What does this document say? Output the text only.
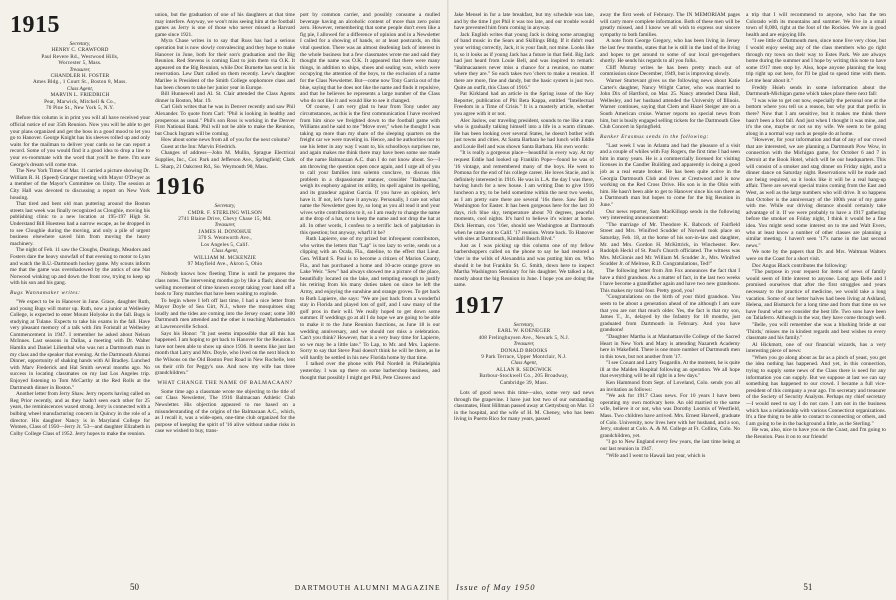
1915
Secretary,
HENRY C. CRAWFORD
Paul Revere Rd., Westwood Hills,
Worcester 5, Mass.
Treasurer,
CHANDLER H. FOSTER
Ames Bldg., 1 Court St., Boston 8, Mass.
Class Agent,
MARVIN L. FRIEDRICH
Peat, Marwick, Mitchell & Co.,
70 Pine St., New York 5, N.Y.

Before this column is in print you will all have received your official notice of our 35th Reunion. Now you will be able to get your plans organized and get the boss in a good mood to let you go to Hanover. George Knight has his sleeves rolled up and only waits for the mailman to deliver your cards so he can report a record. Some of you would find it a good idea to drop a line to your ex-roommate with the word that you'll be there. I'm sure George's dream will come true.

The New York Times of Mar. 11 carried a picture showing Dr. William R. H. (Speed) Granger meeting with Mayor O'Dwyer as a member of the Mayor's Committee on Unity. The session at City Hall was devoted to discussing a report on New York housing.

That tired and bent old man puttering around the Boston streets last week was finally recognized as Cloughie, moving his publishing clinic to a new location at 195-197 High St. Understand Bill Huestess had a narrow escape, as he dropped in to see Cloughie during the moving, and only a pile of urgent business elsewhere saved him from moving the heavy machinery.

The night of Feb. 11 saw the Cloughs, Dearings, Meadors and Fosters dare the heavy snowfall of that evening to motor to Lynn and watch the B.U.-Dartmouth hockey game. My scouts inform me that the game was overshadowed by the antics of one Nat Norwood winking up and down the front row, trying to keep up with his son and his gang.

Bugs Wannamaker writes:

"We expect to be in Hanover in June. Grace, daughter Ruth, and young Bugs will motor up. Ruth, now a junior at Wellesley College, is expected to enter Mount Holyoke in the fall. Bugs is studying at Tulane. Expects to take his exams in the fall. Have very pleasant memory of a talk with Jim Foristall at Wellesley Commencement in 1947. I remember he asked about Nelson McInnes. Last seasons in Dallas, a meeting with Dr. Walter Hamlin and Daniel Lilienthal who was not a Dartmouth man in my class and the speaker that evening. At the Dartmouth Alumni Dinner, opportunity of shaking hands with Al Bradley. Lunched with Marv Frederick and Hal Smith several months ago. No success in locating classmates on my last Los Angeles trip. Enjoyed listening to Tom McCarthy at the Red Rolls at the Dartmouth dinner in Boston."

Another letter from Jerry Shaw. Jerry reports having called on Reg Prior recently, and as they hadn't seen each other for 25 years, the reminiscences waxed strong. Jerry is connected with a bulbing wheel manufacturing concern in Quincy in the role of a director. His daughter Nancy is in Maryland College for Women, Class of 1950—Jerry Jr. '53—and daughter Elizabeth in Colby College Class of 1952. Jerry hopes to make the reunion.

union, but the graduation of one of his daughters at that time may interfere. Anyway, we won't miss seeing him at the football games as Jerry is one of those who never missed a Harvard game since 1921.

Myra Chase writes in to say that Russ has had a serious operation but is now slowly convalescing and they hope to make Hanover in June, both for their son's graduation and the Big Reunion. Red Stevens is coming East to join them via O.K. It appeared on the Big Reunion, while Doc Burnette has sent in his reservation. Lew Dart called on them recently. Lew's daughter Marilee is President of the Smith College sophomore class and has been chosen to take her junior year in Europe.

Bill Hunnewell and Al. St. Clair attended the Class Agents dinner in Boston, Mar. 19.

Carl Gish writes that he was in Denver recently and saw Phil Alexander. To quote from Carl: "Phil is looking in healthy and prosperous as usual." Phil's son Ross is working in the Denver First National Bank. Phil will not be able to make the Reunion, but Chuck Ingram will be coming.

How about some news from all of you for the next column?

Guest at the Inn: Marvin Friedrich.

Changes of address—John M. Mullin, Sprague Electrical Supplies, Inc., Cor. Park and Jefferson Ave., Springfield; Clark L. Sharp, 21 Oakcrest Rd., So. Weymouth 90, Mass.

1916
Secretary,
CMDR. F. STERLING WILSON
2741 Blaine Drive, Chevy Chase 15, Md.
Treasurer,
JAMES H. DONOHUE
370 S. Wentworth Ave.,
Los Angeles 5, Calif.
Class Agent,
WILLIAM M. MCKENZIE
97 Mayfield Ave., Akron 5, Ohio

Nobody knows how fleeting Time is until he prepares the class notes. The intervening months go by like a flash; about the welling movement of time known except taking your hand off a book to Tony matches that have been waiting to explode.

To begin where I left off last time, I had a nice letter from Mayor Doyle of Sea Girt, N.J., where the mosquitoes sing loudly and the tides are coming into the Jersey coast; some 300 Dartmouth men attended and the other is teaching Mathematics at Lawrenceville School.

Says his Honor: "It just seems impossible that all this has happened. I am hoping to get back to Hanover for the Reunion. I have not been able to show up since 1936. It seems like just last month that Larry and Mrs. Doyle, who lived on the next block to the Wilsons on the Old Boston Post Road in New Rochelle, lent us their crib for Peggy's use. And now my wife has three grandchildren."

WHAT CHANGE THE NAME OF BALMACAAN?

Some time ago a classmate wrote me objecting to the title of our Class Newsletter, The 1916 Balmacaan Athletic Club Newsletter. His objection appeared to me based on a misunderstanding of the origins of the Balmacaan A.C., which, as I recall it, was a wide-open, one-time club organized for the purpose of keeping the spirit of '16 alive without undue risks in case we wished to buy, trans-

port by common carrier, and possibly consume a mulled beverage having an alcoholic content of more than zero point zero. However, remembering that some people don't even like a fig pie, I allowed for a difference of opinion and in a Newsletter I called for a showing of hands, or at least postcards, on this vital question. There was an almost deafening lack of interest in the whole business but a few classmates wrote me and said they thought the name was O.K. It appeared that there were many things, in addition to ships, shoes and sealing wax, which were occupying the attention of the boys, to the exclusion of a name for the Class Newsletter. But—come now Tony Garcia out of the blue, saying that he does not like the name and finds it repulsive, and that he believes he represents a large number of the Class who do not like it and would like to see it changed.

Of course, I am very glad to hear from Tony under any circumstances, as this is the first communication I have received from him since we freighted down to the football game with Williams and he said to me "Move over," when he thought I was taking up more than my share of the sleeping quarters on the freight car we were traveling in. Hence, and be authorities nor to use his letter in any way I want to, his schoolboys surprises me, and again makes me think there may have been some use made of the name Balmacaan A.C. than I do not know about. So—I am throwing the question open once again, and I urge all of you to call your families into solemn conclave, to discuss this problem in a dispassionate manner, consider "Balmacaan," weigh its euphony against its utility, its spell against its spelling, and its grandeur against Garcia. If you have an opinion, let's have it. If not, let's have it anyway. Personally, I care not what name the Newsletter goes by, so long as you all read it and your wives write contributions to it, so I am ready to change the name at the drop of a hat, or to keep the name and not drop the hat at all. In other words, I confess to a terrific lack of palpitation in this question; but anyway, what'll it be?

Ruth Lapierre, one of my prized but infrequent contributors, who writes the letters that "Lap" is too lazy to write, sends us a clipping with an Ocala, Fla., dateline, to the effect that Lieut. Gen. Willard S. Paul is to become a citizen of Marion County, Fla., and has purchased a home and 10-acre orange grove on Lake Weir. "Sew" had always showed me a picture of the place, beautifully located on the lake, and tempting enough to justify his retiring from his many duties taken on since he left the Army, and enjoying the sunshine and orange groves. To get back to Ruth Lapierre, she says: "We are just back from a wonderful stay in Florida and played lots of golf, and I saw many of the golf pros in their will. We really hoped to get down some summer. If weddings go at all I do hope we are going to be able to make it to the June Reunion functions, as June 18 is our wedding anniversary, and we should not miss a celebration. Can't you think? However, that is a very busy time for Lapierre, so we may be a little late." To Lap, to Mr. and Mrs. Lapierre. Sorry to say that Steve Paul doesn't think he will be there, as he will hardly be settled in his new Florida home by that time.

I talked over the phone with Phil Nordell in Philadelphia yesterday. I was up there on some barbershop business, and thought that possibly I might get Phil, Pete Cleaves and

50	DARTMOUTH ALUMNI MAGAZINE

Jake Mensel in for a late breakfast, but my schedule was late, and by the time I got Phil it was too late, and our trouble would have prevented him from coming in anyway.

Jack English writes that young Jack is doing some arranging of band music in the Sears and Skillings Bldg. If it didn't read your writing correctly, Jack, it is your fault, not mine. Looks like it, so it looks as if young Jack has a future in that field. Big Jack had just heard from Louie Bell, and was inspired to remark: "Balmacaaners never miss a chance for a reunion, no matter where they are." So each takes two 'chers to make a reunion. If there are more, fine and dandy, but the basic system is just two. Quite an outfit, this Class of 1916."

Pat Kirkland had an article in the Spring issue of the Key Reporter, publication of Phi Beta Kappa, entitled "Intellectual Freedom in a Time of Crisis." It is a masterly article, whether you agree with it or not.

Alec Jaslow, our traveling president, sounds to me like a man who is gradually talking himself into a life in a warm climate. He has been looking over several States, he doesn't bother with just towns and cities. At Santa Barbara he had lunch with Eddie and Louie Bell and was shown Santa Barbara. His own words:

"It is really a gorgeous place—beautiful in every way. At my request Eddie had looked up Franklin Pope—found he was of '16 vintage, and remembered many of the boys. He went to Pomona for the end of his college career. He loves Stacie, and is definitely interested in 1916. He was in L.A. the day I was there, having lunch for a new house. I am writing Dan to give 1916 luncheon a try, to be held sometime within the next two weeks, as I am pretty sure there are several '16s there. Saw Bell in Washington for Easter. It has been gorgeous here for the last 10 days, rich blue sky, temperature about 70 degrees, peaceful moments, cool nights. It's hard to believe it's winter at home. Dick Herman, cox '16er, should see Washington at Dartmouth when he came out to Calif. '17 reunion. Wrote back. To Hanover with sites at Dartmouth, Kimball Beach Blvd."

Just as I was picking up this column one of my fellow barbershoppers called on the phone to say he had restored a 'cher in the wilds of Alexandria and was putting him on. Who should it be but Franklin St. G. Smith, down here to inspect Martha Washington Seminary for his daughter. We talked a bit, mostly about the big Reunion in June. I hope you are doing the same.

1917
Secretary,
EARL W. KOENEGER
408 Frelinghuysen Ave., Newark 5, N.J.
Treasurer,
DONALD BROOKS
9 Park Terrace, Upper Montclair, N.J.
Class Agent,
ALLAN R. SEDGWICK
Barbour-Stockwell Co., 205 Broadway,
Cambridge 39, Mass.

Lots of good news this time—also, some very sad news through the grapevine. I have just lost two of our outstanding classmates, Hunt Hillman passed away at Gettysburg on Mar. 13 in the hospital, and the wife of H. M. Cheney, who has been living in Puerto Rico for many years, passed

away the first week of February. The IN MEMORIAM pages will carry more complete information. Both of these men will be greatly missed, and I know we all wish to express our sincere sympathy to both families.

A note from George Gregory, who has been living in Jersey the last few months, states that he is still in the land of the living and hopes to get around to some of our local get-togethers shortly. He sends his regards to all you folks.

Cliff Murray writes he has been pretty much out of commission since December, 1949, but is improving slowly.

Warner Sturtevant gives us the following news about Katie Carter's daughter, Nancy Wright Carter, who was married to John Dix of Hartford, on Mar. 25. Nancy attended Dana Hall, Wellesley, and her husband attended the University of Illinois. Warner continues, saying that Clem and Hazel Steiger are on a South American cruise. Warner reports no special news from him, but is busily engaged selling tickets for the Dartmouth Glee Club Concert in Springfield.

Banker Erasmus sends in the following:

"Last week I was in Atlanta and had the pleasure of a visit and a couple of whiles with Fay Rogers, the first time I had seen him in many years. He is a commercially licensed for visiting licenses in the Candler Building and apparently is doing a good job as a real estate broker. He has been quite active in the Georgia Dartmouth Club and lives at Crestwood and is now working on the Red Cross Drive. His son is in the Ohio with him. He hasn't been able to get to Hanover since his son there as a Dartmouth man but hopes to come for the big Reunion in June."

Our news reporter, Sam MacKillopp sends in the following very interesting announcement:

"The marriage of Mr. Theodore K. Babcock of Fairfield Street and Mrs. Winifred Scudder of Norwell took place on Saturday, Feb. 18, at the home of his son-in-law and daughter, Mr. and Mrs. Gordon H. McKittrick, in Winchester. Rev. Rudolph Heckl of St. Paul's Church officiated. The witness was Mrs. McGinnis and Mr. William M. Scudder Jr., Mrs. Winifred Scudder Jr. of Melrose, R.D. Congratulations, Ted!"

The following letter from Jim Fox announces the fact that I have a third grandson. As a matter of fact, in the last two weeks I have become a grandfather again and have two new grandsons. This makes my total four. Pretty good, you!

"Congratulations on the birth of your third grandson. You seem to be about a generation ahead of me although I am sure that you are not that much older. Yes, the fact is that my son, James T., Jr., delayed by the Infantry for 18 months, just graduated from Dartmouth in February. And you have grandsons!

"Daughter Martha is at Manhattanville College of the Sacred Heart in New York and Mary is attending Nazareth Academy here in Wakefield. There is one more number of Dartmouth men in this town, but not another from '17.

"I see Conant and Larry Teagardin. At the moment, he is quite ill at the Malden Hospital following an operation. We all hope that everything will be all right in a few days."

Ken Hammond from Sept. of Loveland, Colo. sends you all an invitation as follows:

"We ask for 1917 Class news. For 10 years I have been operating my own motivary here. An old married to the same wife, believe it or not, who was Dorothy Loomis of Westfield, Mass. Two children have arrived. Mrs. Ernest Harwell, graduate of Colo. University, now lives here with her husband, and a son, Jerry, student at Colo. A. & M. College at Ft. Collins, Colo. No grandchildren, yet.

"I go to New England every few years, the last time being at our last reunion in 1947.

"Wife and I went to Hawaii last year, which is

a trip that I will recommend to anyone, who has the ten Colorado with its mountains and summer. We live in a small town of 8,000, right at the foot of the Rockies. We are in good health and are enjoying life.

"I see little of Dartmouth men, since none live very close, but I would enjoy seeing any of the class members who go right through my town on their way to Estes Park. We are always home during the summer and I hope by writing this note to have some 1917 men stop by. Also, hope anyone planning the long trip right up out here, for I'll be glad to spend time with them. Let me hear about it."

Freddy Hsieh sends in some information about the Dartmouth-Michigan game which takes place there next fall:

"I was wise to get out now, especially the personal one at the bottom where you tell us a reason, but why put that prefix in there? Now that I am sensitive, but it makes me think there hasn't been a foot fall. And just when I thought it was mine, and it's the one, maybe or not so my wife. We seem to be going along in a normal way such as people do at home.

"However, for your information and that of any of our crowd that are interested, we are planning a Dartmouth Pow Wow, in connection with the Michigan game, for October 6 and 7 in Detroit at the Book Hotel, which will be our headquarters. This will consist of a smoker and stag dinner on Friday night, and a dinner dance on Saturday night. Reservations will be made and are being required, so it looks like it will be a real bang-up affair. There are several special trains coming from the East and West, as well as the large numbers who will drive. It so happens that October is the anniversary of the 100th year of my game with me. While our driving distance should certainly take advantage of it. If we were probably to have a 1917 gathering before the smoker on Friday night, I think it would be a fine idea. You might send some interest on to me and Walt Evers, who at least know a number of other classes are planning a similar meeting. I haven't seen '17's name in the last second news."

We note by the papers that Dr. and Mrs. Waltman Walters were on the Coast for a short visit.

Doc Angus Black contributes the following:

"The purpose in your request for items of news of family would seem of little interest to anyone. Long ago Belle and I promised ourselves that after the first struggles and years necessary to the practice of medicine, we would take a long vacation. Some of our better halves had been living at Ashland, Helena, and Bismarck for a long time and from that time on we have found what we consider the best life. Two sons have been on Taliaferro. Although in the war, they have come through well.

"Belle, you will remember she was a blushing bride at our 'Thirds,' misses me in kindest regards and best wishes to every classmate and his family."

Al Hickmott, one of our financial wizards, has a very interesting piece of news:

"When you go along about as far as a pinch of yeast, you get the idea nothing has happened. And yet, in this connection, trying to supply some news of the Class there is need for any information you can supply. But we suppose at last we can say something has happened to our crowd. I became a full vice-president of this company a year ago. I'm secretary and treasurer of the Society of Security Analysts. Perhaps my chief secretary—I would need to say I do not care. I am not in the business which has a relationship with various Connecticut organizations. It's a fine thing to be able to contact to connecting or others, and I am going to be in the background a little, as the Sterling."

He was, also, nice to have you on the Coast, and I'm going to the Reunion. Pass it on to our friends!

Issue of May 1950	51
